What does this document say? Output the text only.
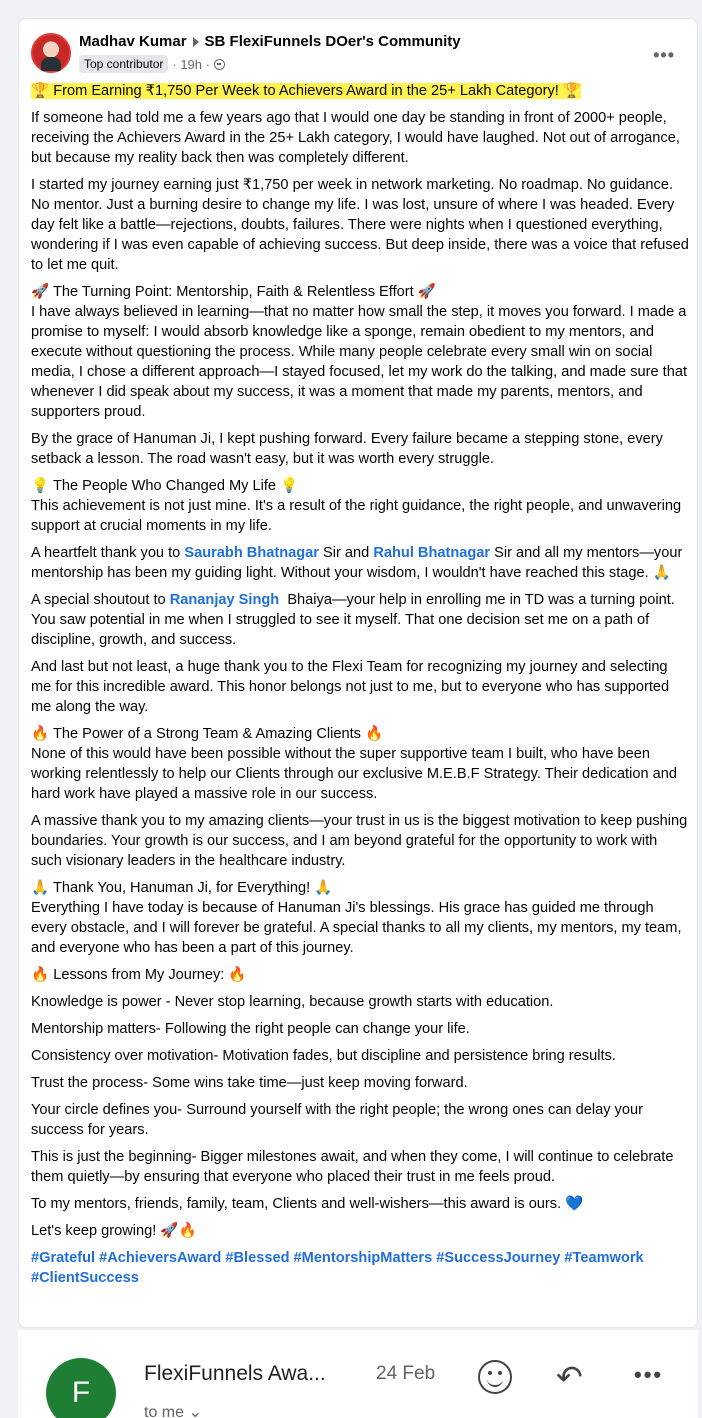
Madhav Kumar SB FlexiFunnels DOer's Community
Top contributor · 19h ·	•••

🏆 From Earning ₹1,750 Per Week to Achievers Award in the 25+ Lakh Category! 🏆

If someone had told me a few years ago that I would one day be standing in front of 2000+ people, receiving the Achievers Award in the 25+ Lakh category, I would have laughed. Not out of arrogance, but because my reality back then was completely different.

I started my journey earning just ₹1,750 per week in network marketing. No roadmap. No guidance. No mentor. Just a burning desire to change my life. I was lost, unsure of where I was headed. Every day felt like a battle—rejections, doubts, failures. There were nights when I questioned everything, wondering if I was even capable of achieving success. But deep inside, there was a voice that refused to let me quit.

🚀 The Turning Point: Mentorship, Faith & Relentless Effort 🚀
I have always believed in learning—that no matter how small the step, it moves you forward. I made a promise to myself: I would absorb knowledge like a sponge, remain obedient to my mentors, and execute without questioning the process. While many people celebrate every small win on social media, I chose a different approach—I stayed focused, let my work do the talking, and made sure that whenever I did speak about my success, it was a moment that made my parents, mentors, and supporters proud.

By the grace of Hanuman Ji, I kept pushing forward. Every failure became a stepping stone, every setback a lesson. The road wasn't easy, but it was worth every struggle.

💡 The People Who Changed My Life 💡
This achievement is not just mine. It's a result of the right guidance, the right people, and unwavering support at crucial moments in my life.

A heartfelt thank you to Saurabh Bhatnagar Sir and Rahul Bhatnagar Sir and all my mentors—your mentorship has been my guiding light. Without your wisdom, I wouldn't have reached this stage. 🙏

A special shoutout to Rananjay Singh  Bhaiya—your help in enrolling me in TD was a turning point. You saw potential in me when I struggled to see it myself. That one decision set me on a path of discipline, growth, and success.

And last but not least, a huge thank you to the Flexi Team for recognizing my journey and selecting me for this incredible award. This honor belongs not just to me, but to everyone who has supported me along the way.

🔥 The Power of a Strong Team & Amazing Clients 🔥
None of this would have been possible without the super supportive team I built, who have been working relentlessly to help our Clients through our exclusive M.E.B.F Strategy. Their dedication and hard work have played a massive role in our success.

A massive thank you to my amazing clients—your trust in us is the biggest motivation to keep pushing boundaries. Your growth is our success, and I am beyond grateful for the opportunity to work with such visionary leaders in the healthcare industry.

🙏 Thank You, Hanuman Ji, for Everything! 🙏
Everything I have today is because of Hanuman Ji's blessings. His grace has guided me through every obstacle, and I will forever be grateful. A special thanks to all my clients, my mentors, my team, and everyone who has been a part of this journey.

🔥 Lessons from My Journey: 🔥

Knowledge is power - Never stop learning, because growth starts with education.

Mentorship matters- Following the right people can change your life.

Consistency over motivation- Motivation fades, but discipline and persistence bring results.

Trust the process- Some wins take time—just keep moving forward.

Your circle defines you- Surround yourself with the right people; the wrong ones can delay your success for years.

This is just the beginning- Bigger milestones await, and when they come, I will continue to celebrate them quietly—by ensuring that everyone who placed their trust in me feels proud.

To my mentors, friends, family, team, Clients and well-wishers—this award is ours. 💙

Let's keep growing! 🚀🔥

#Grateful #AchieversAward #Blessed #MentorshipMatters #SuccessJourney #Teamwork #ClientSuccess

F
FlexiFunnels Awa...	24 Feb
to me ⌄
↶ •••
